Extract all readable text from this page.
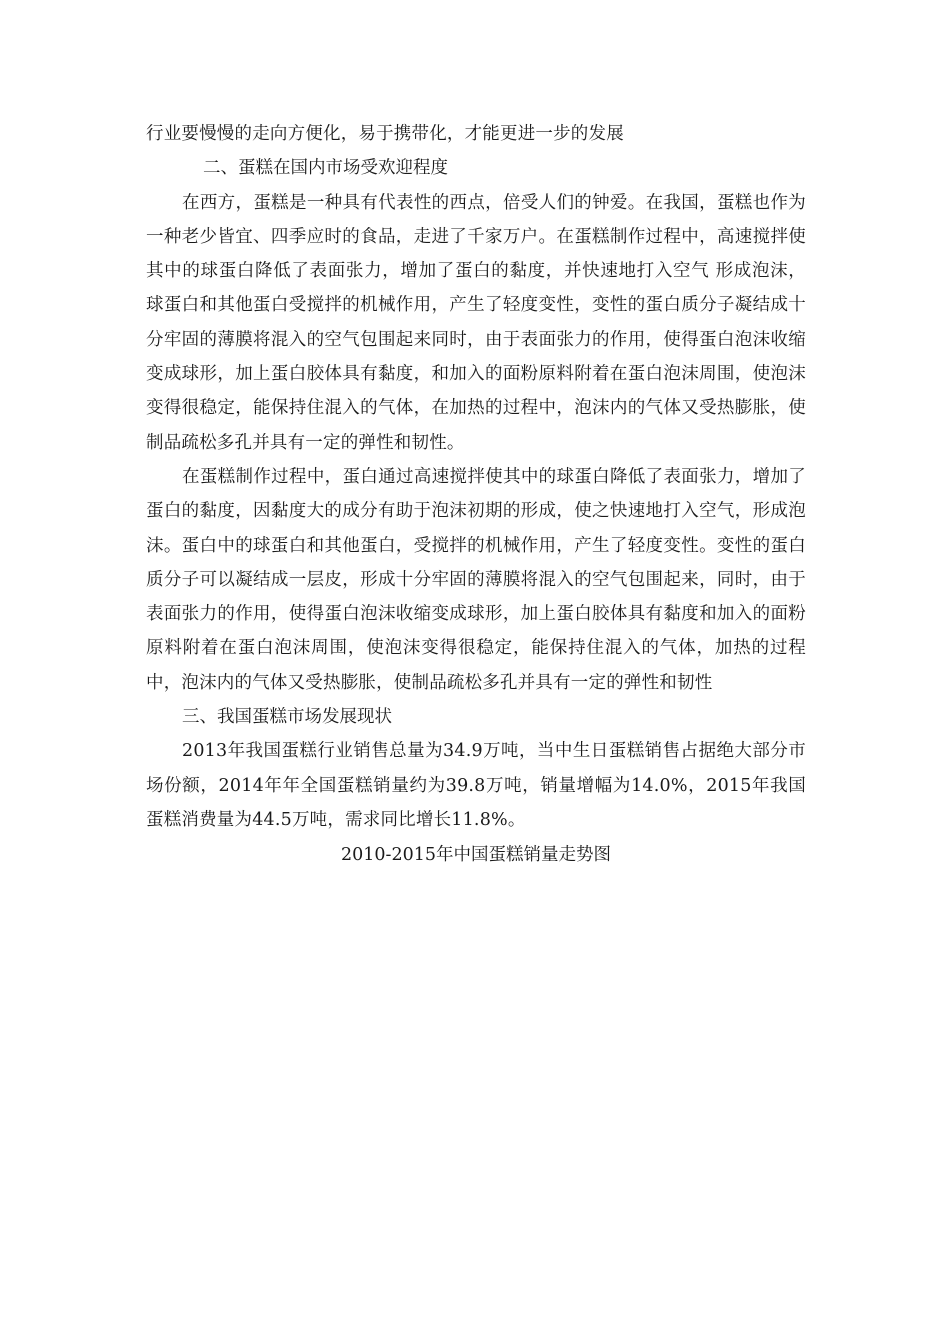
行业要慢慢的走向方便化，易于携带化，才能更进一步的发展

二、蛋糕在国内市场受欢迎程度

在西方，蛋糕是一种具有代表性的西点，倍受人们的钟爱。在我国，蛋糕也作为一种老少皆宜、四季应时的食品，走进了千家万户。在蛋糕制作过程中，高速搅拌使其中的球蛋白降低了表面张力，增加了蛋白的黏度，并快速地打入空气 形成泡沫，球蛋白和其他蛋白受搅拌的机械作用，产生了轻度变性，变性的蛋白质分子凝结成十分牢固的薄膜将混入的空气包围起来同时，由于表面张力的作用，使得蛋白泡沫收缩变成球形，加上蛋白胶体具有黏度，和加入的面粉原料附着在蛋白泡沫周围，使泡沫变得很稳定，能保持住混入的气体，在加热的过程中，泡沫内的气体又受热膨胀，使制品疏松多孔并具有一定的弹性和韧性。

在蛋糕制作过程中，蛋白通过高速搅拌使其中的球蛋白降低了表面张力，增加了蛋白的黏度，因黏度大的成分有助于泡沫初期的形成，使之快速地打入空气，形成泡沫。蛋白中的球蛋白和其他蛋白，受搅拌的机械作用，产生了轻度变性。变性的蛋白质分子可以凝结成一层皮，形成十分牢固的薄膜将混入的空气包围起来，同时，由于表面张力的作用，使得蛋白泡沫收缩变成球形，加上蛋白胶体具有黏度和加入的面粉原料附着在蛋白泡沫周围，使泡沫变得很稳定，能保持住混入的气体，加热的过程中，泡沫内的气体又受热膨胀，使制品疏松多孔并具有一定的弹性和韧性

三、我国蛋糕市场发展现状

2013年我国蛋糕行业销售总量为34.9万吨，当中生日蛋糕销售占据绝大部分市场份额，2014年年全国蛋糕销量约为39.8万吨，销量增幅为14.0%，2015年我国蛋糕消费量为44.5万吨，需求同比增长11.8%。

2010-2015年中国蛋糕销量走势图
